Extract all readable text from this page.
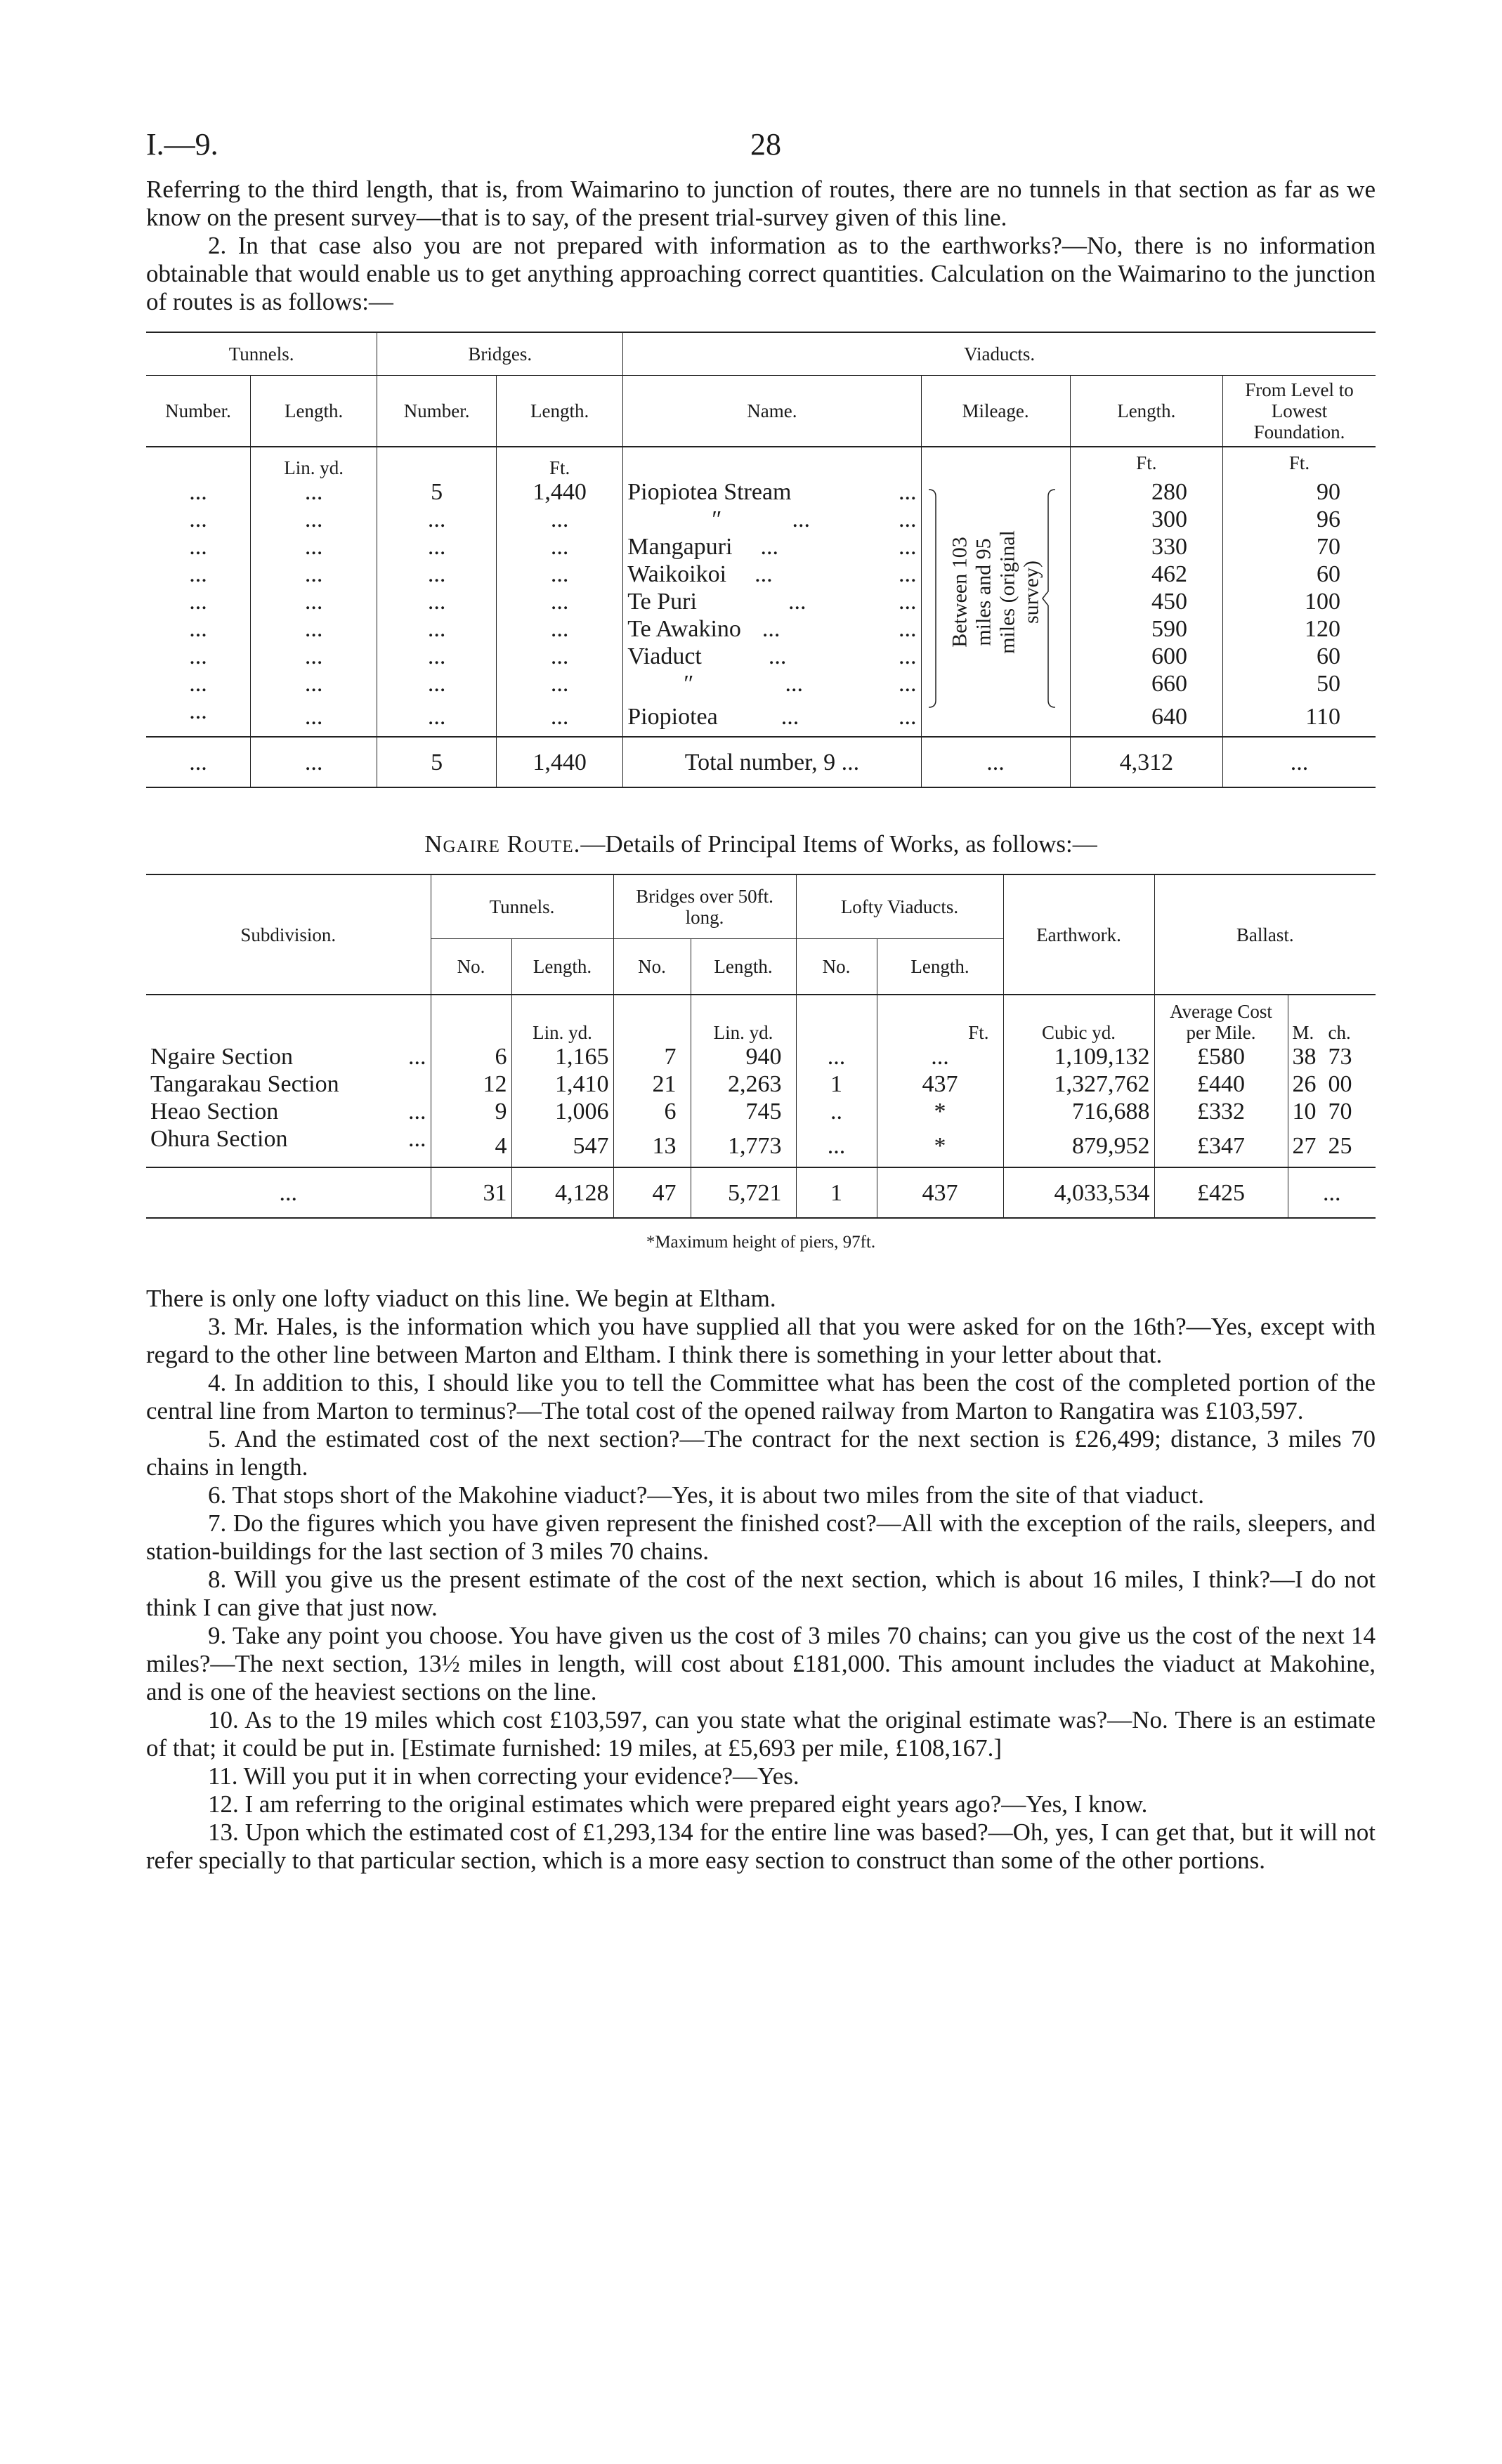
I.—9.	28

Referring to the third length, that is, from Waimarino to junction of routes, there are no tunnels in that section as far as we know on the present survey—that is to say, of the present trial-survey given of this line.

2. In that case also you are not prepared with information as to the earthworks?—No, there is no information obtainable that would enable us to get anything approaching correct quantities. Calculation on the Waimarino to the junction of routes is as follows:—

Tunnels.		Bridges.		Viaducts.			
Number.	Length.	Number.	Length.	Name.	Mileage.	Length.	From Level to Lowest Foundation.
	Lin. yd.		Ft.		Between 103 miles and 95 miles (original survey)	Ft.	Ft.
...	...	5	1,440	Piopiotea Stream ...		280	90
...	...	...	...	″ ... ...		300	96
...	...	...	...	Mangapuri ... ...		330	70
...	...	...	...	Waikoikoi ... ...		462	60
...	...	...	...	Te Puri ... ...		450	100
...	...	...	...	Te Awakino ... ...		590	120
...	...	...	...	Viaduct ... ...		600	60
...	...	...	...	″ ... ...		660	50
...	...	...	...	Piopiotea ... ...		640	110
...	...	5	1,440	Total number, 9 ...	...	4,312	...
Ngaire Route.—Details of Principal Items of Works, as follows:—
Subdivision.	Tunnels.		Bridges over 50ft. long.		Lofty Viaducts.		Earthwork.	Ballast.	
	No.	Length.	No.	Length.	No.	Length.			
		Lin. yd.		Lin. yd.		Ft.	Cubic yd.	Average Cost per Mile.	M.   ch.
Ngaire Section ...	6	1,165	7	940	...	...	1,109,132	£580	38 73
Tangarakau Section	12	1,410	21	2,263	1	437	1,327,762	£440	26 00
Heao Section ...	9	1,006	6	745	..	*	716,688	£332	10 70
Ohura Section ...	4	547	13	1,773	...	*	879,952	£347	27 25
...	31	4,128	47	5,721	1	437	4,033,534	£425	...
*Maximum height of piers, 97ft.

There is only one lofty viaduct on this line. We begin at Eltham.

3. Mr. Hales, is the information which you have supplied all that you were asked for on the 16th?—Yes, except with regard to the other line between Marton and Eltham. I think there is something in your letter about that.

4. In addition to this, I should like you to tell the Committee what has been the cost of the completed portion of the central line from Marton to terminus?—The total cost of the opened railway from Marton to Rangatira was £103,597.

5. And the estimated cost of the next section?—The contract for the next section is £26,499; distance, 3 miles 70 chains in length.

6. That stops short of the Makohine viaduct?—Yes, it is about two miles from the site of that viaduct.

7. Do the figures which you have given represent the finished cost?—All with the exception of the rails, sleepers, and station-buildings for the last section of 3 miles 70 chains.

8. Will you give us the present estimate of the cost of the next section, which is about 16 miles, I think?—I do not think I can give that just now.

9. Take any point you choose. You have given us the cost of 3 miles 70 chains; can you give us the cost of the next 14 miles?—The next section, 13½ miles in length, will cost about £181,000. This amount includes the viaduct at Makohine, and is one of the heaviest sections on the line.

10. As to the 19 miles which cost £103,597, can you state what the original estimate was?—No. There is an estimate of that; it could be put in. [Estimate furnished: 19 miles, at £5,693 per mile, £108,167.]

11. Will you put it in when correcting your evidence?—Yes.

12. I am referring to the original estimates which were prepared eight years ago?—Yes, I know.

13. Upon which the estimated cost of £1,293,134 for the entire line was based?—Oh, yes, I can get that, but it will not refer specially to that particular section, which is a more easy section to construct than some of the other portions.
